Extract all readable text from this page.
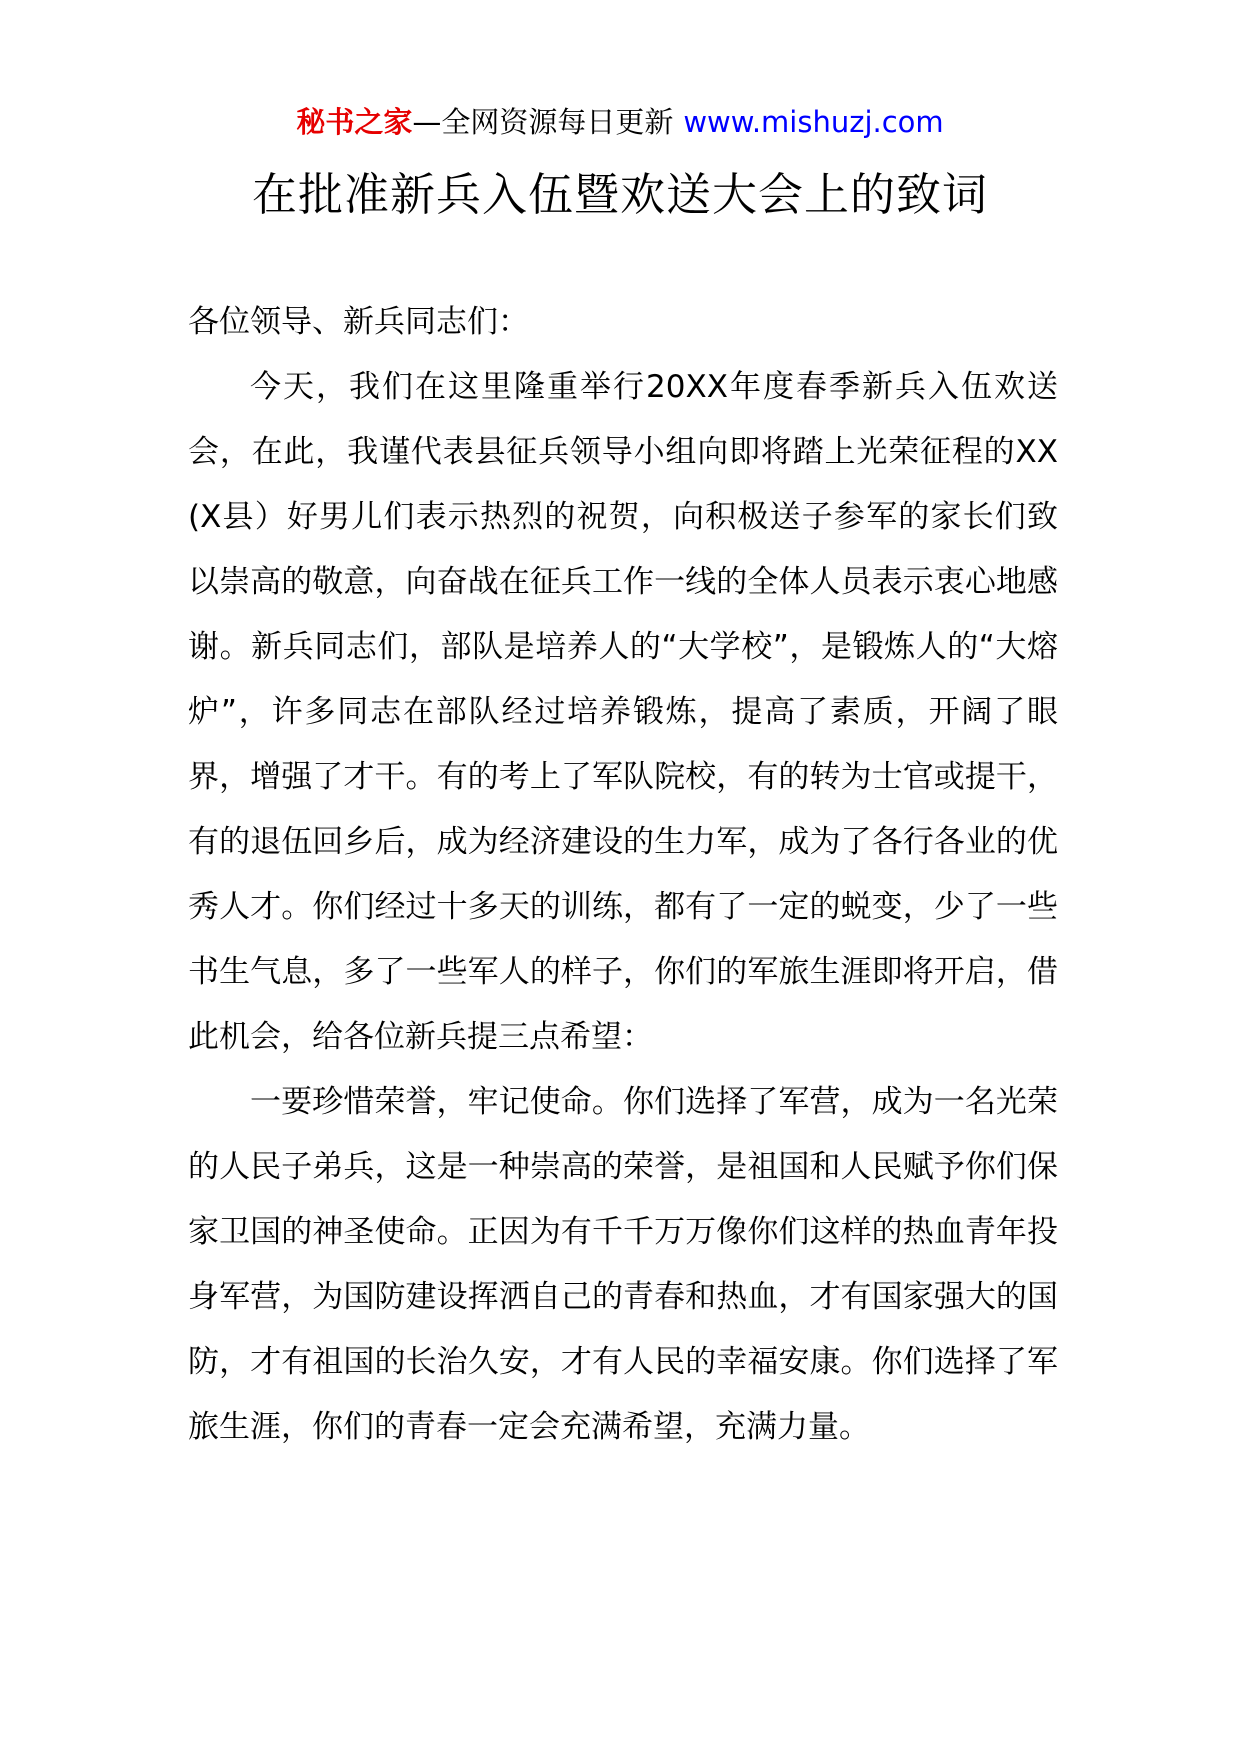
秘书之家—全网资源每日更新 www.mishuzj.com
在批准新兵入伍暨欢送大会上的致词

各位领导、新兵同志们：

今天，我们在这里隆重举行20XX年度春季新兵入伍欢送会，在此，我谨代表县征兵领导小组向即将踏上光荣征程的XX(X县）好男儿们表示热烈的祝贺，向积极送子参军的家长们致以崇高的敬意，向奋战在征兵工作一线的全体人员表示衷心地感谢。新兵同志们，部队是培养人的“大学校”，是锻炼人的“大熔炉”，许多同志在部队经过培养锻炼，提高了素质，开阔了眼界，增强了才干。有的考上了军队院校，有的转为士官或提干，有的退伍回乡后，成为经济建设的生力军，成为了各行各业的优秀人才。你们经过十多天的训练，都有了一定的蜕变，少了一些书生气息，多了一些军人的样子，你们的军旅生涯即将开启，借此机会，给各位新兵提三点希望：

一要珍惜荣誉，牢记使命。你们选择了军营，成为一名光荣的人民子弟兵，这是一种崇高的荣誉，是祖国和人民赋予你们保家卫国的神圣使命。正因为有千千万万像你们这样的热血青年投身军营，为国防建设挥洒自己的青春和热血，才有国家强大的国防，才有祖国的长治久安，才有人民的幸福安康。你们选择了军旅生涯，你们的青春一定会充满希望，充满力量。
